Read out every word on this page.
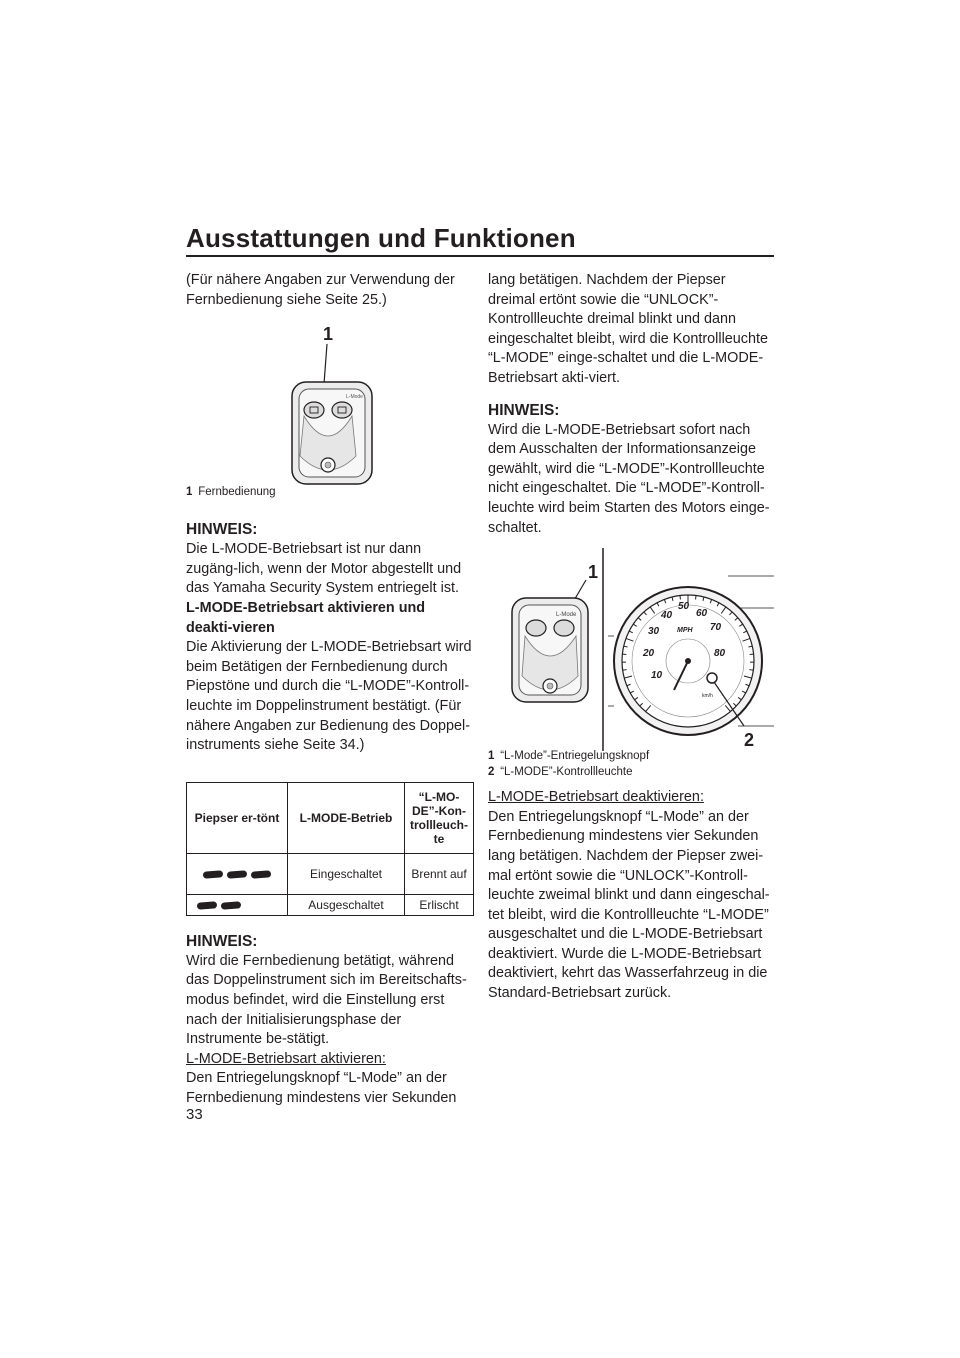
Ausstattungen und Funktionen

(Für nähere Angaben zur Verwendung der Fernbedienung siehe Seite 25.)

1
L-Mode

1 Fernbedienung

HINWEIS:

Die L-MODE-Betriebsart ist nur dann zugäng-lich, wenn der Motor abgestellt und das Yamaha Security System entriegelt ist.

L-MODE-Betriebsart aktivieren und deakti-vieren

Die Aktivierung der L-MODE-Betriebsart wird beim Betätigen der Fernbedienung durch Piepstöne und durch die “L-MODE”-Kontroll-leuchte im Doppelinstrument bestätigt. (Für nähere Angaben zur Bedienung des Doppel-instruments siehe Seite 34.)

Piepser er-tönt	L-MODE-Betrieb	“L-MO-DE”-Kon-trollleuch-te
	Eingeschaltet	Brennt auf
	Ausgeschaltet	Erlischt

HINWEIS:

Wird die Fernbedienung betätigt, während das Doppelinstrument sich im Bereitschafts-modus befindet, wird die Einstellung erst nach der Initialisierungsphase der Instrumente be-stätigt.

L-MODE-Betriebsart aktivieren:

Den Entriegelungsknopf “L-Mode” an der Fernbedienung mindestens vier Sekunden

lang betätigen. Nachdem der Piepser dreimal ertönt sowie die “UNLOCK”-Kontrollleuchte dreimal blinkt und dann eingeschaltet bleibt, wird die Kontrollleuchte “L-MODE” einge-schaltet und die L-MODE-Betriebsart akti-viert.

HINWEIS:

Wird die L-MODE-Betriebsart sofort nach dem Ausschalten der Informationsanzeige gewählt, wird die “L-MODE”-Kontrollleuchte nicht eingeschaltet. Die “L-MODE”-Kontroll-leuchte wird beim Starten des Motors einge-schaltet.

1
L-Mode
10
20
30
40
50
60
70
80
MPH
km/h
2

1 “L-Mode”-Entriegelungsknopf

2 “L-MODE”-Kontrollleuchte

L-MODE-Betriebsart deaktivieren:

Den Entriegelungsknopf “L-Mode” an der Fernbedienung mindestens vier Sekunden lang betätigen. Nachdem der Piepser zwei-mal ertönt sowie die “UNLOCK”-Kontroll-leuchte zweimal blinkt und dann eingeschal-tet bleibt, wird die Kontrollleuchte “L-MODE” ausgeschaltet und die L-MODE-Betriebsart deaktiviert. Wurde die L-MODE-Betriebsart deaktiviert, kehrt das Wasserfahrzeug in die Standard-Betriebsart zurück.

33
